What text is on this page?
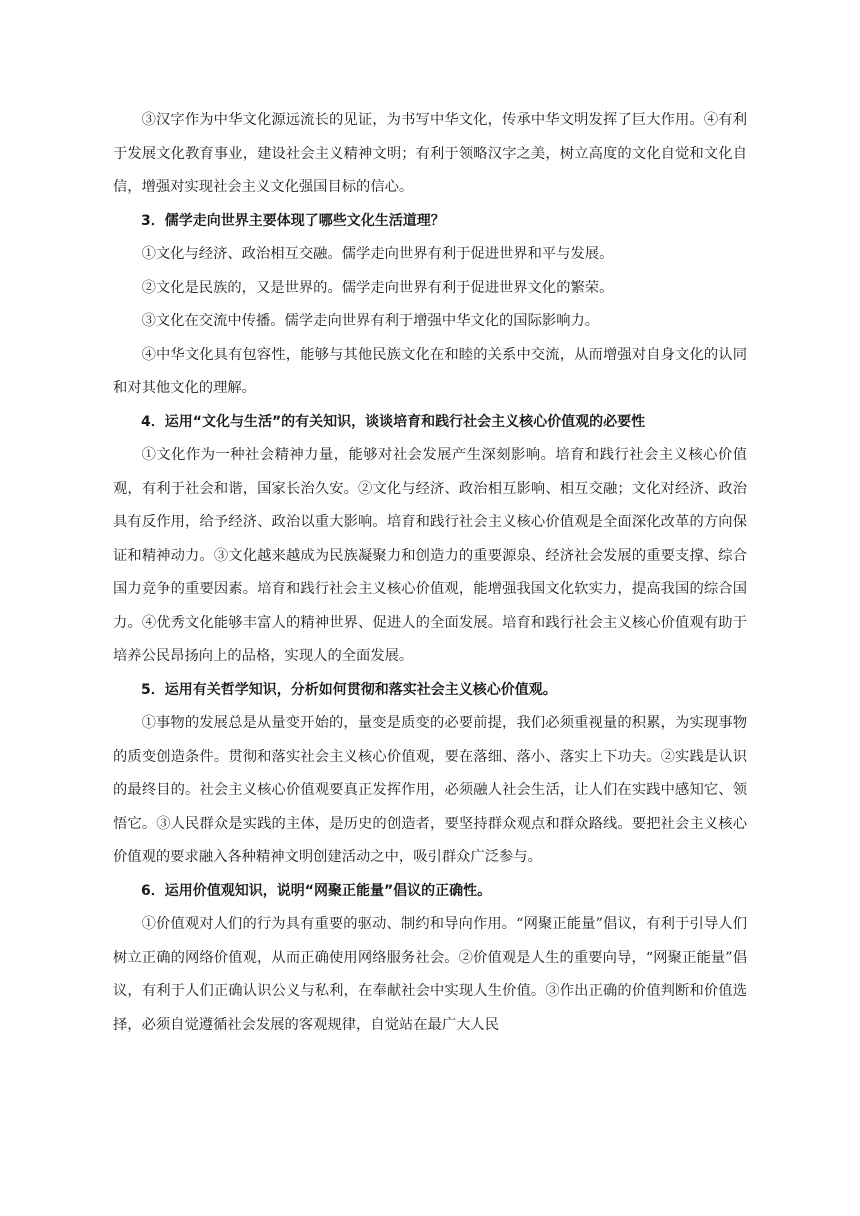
③汉字作为中华文化源远流长的见证，为书写中华文化，传承中华文明发挥了巨大作用。④有利于发展文化教育事业，建设社会主义精神文明；有利于领略汉字之美，树立高度的文化自觉和文化自信，增强对实现社会主义文化强国目标的信心。

3．儒学走向世界主要体现了哪些文化生活道理？

①文化与经济、政治相互交融。儒学走向世界有利于促进世界和平与发展。

②文化是民族的，又是世界的。儒学走向世界有利于促进世界文化的繁荣。

③文化在交流中传播。儒学走向世界有利于增强中华文化的国际影响力。

④中华文化具有包容性，能够与其他民族文化在和睦的关系中交流，从而增强对自身文化的认同和对其他文化的理解。

4．运用“文化与生活”的有关知识，谈谈培育和践行社会主义核心价值观的必要性

①文化作为一种社会精神力量，能够对社会发展产生深刻影响。培育和践行社会主义核心价值观，有利于社会和谐，国家长治久安。②文化与经济、政治相互影响、相互交融；文化对经济、政治具有反作用，给予经济、政治以重大影响。培育和践行社会主义核心价值观是全面深化改革的方向保证和精神动力。③文化越来越成为民族凝聚力和创造力的重要源泉、经济社会发展的重要支撑、综合国力竞争的重要因素。培育和践行社会主义核心价值观，能增强我国文化软实力，提高我国的综合国力。④优秀文化能够丰富人的精神世界、促进人的全面发展。培育和践行社会主义核心价值观有助于培养公民昂扬向上的品格，实现人的全面发展。

5．运用有关哲学知识，分析如何贯彻和落实社会主义核心价值观。

①事物的发展总是从量变开始的，量变是质变的必要前提，我们必须重视量的积累，为实现事物的质变创造条件。贯彻和落实社会主义核心价值观，要在落细、落小、落实上下功夫。②实践是认识的最终目的。社会主义核心价值观要真正发挥作用，必须融人社会生活，让人们在实践中感知它、领悟它。③人民群众是实践的主体，是历史的创造者，要坚持群众观点和群众路线。要把社会主义核心价值观的要求融入各种精神文明创建活动之中，吸引群众广泛参与。

6．运用价值观知识，说明“网聚正能量”倡议的正确性。

①价值观对人们的行为具有重要的驱动、制约和导向作用。“网聚正能量”倡议，有利于引导人们树立正确的网络价值观，从而正确使用网络服务社会。②价值观是人生的重要向导，“网聚正能量”倡议，有利于人们正确认识公义与私利，在奉献社会中实现人生价值。③作出正确的价值判断和价值选择，必须自觉遵循社会发展的客观规律，自觉站在最广大人民
